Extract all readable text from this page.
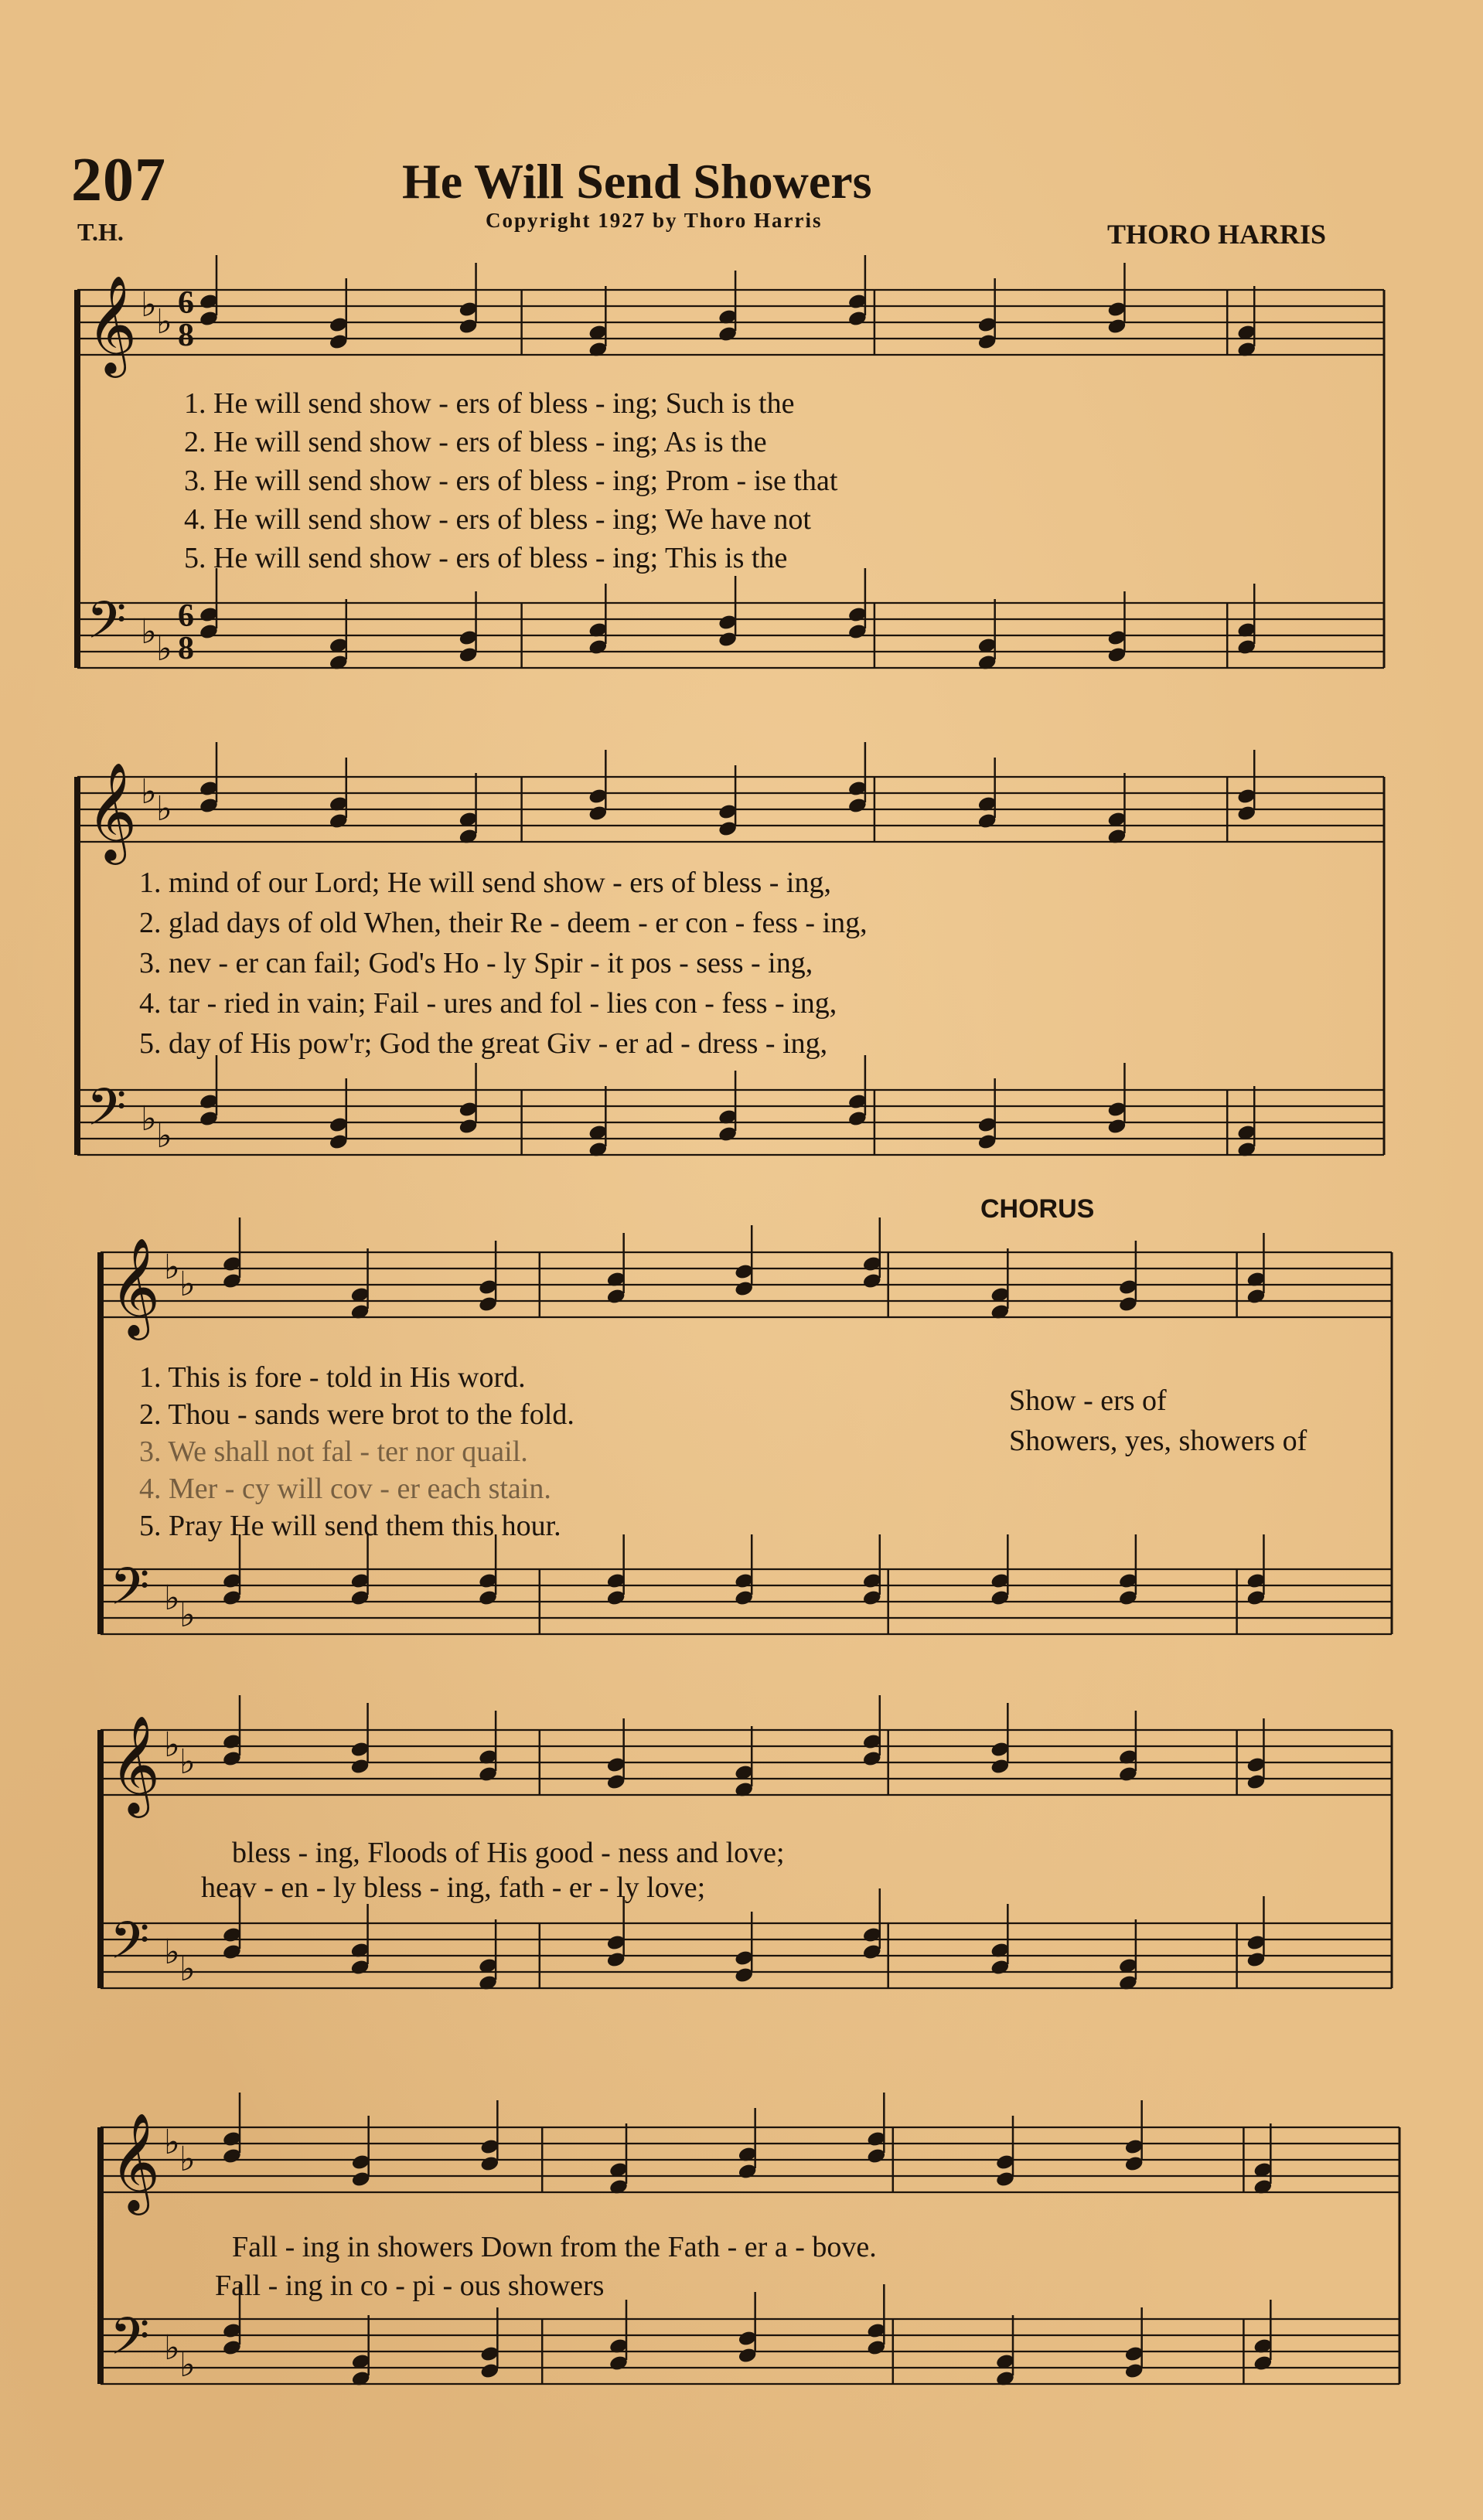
207	He Will Send Showers
T.H.	Copyright 1927 by Thoro Harris	THORO HARRIS
𝄞
𝄢
♭ ♭
♭ ♭
𝄞
𝄢
♭ ♭
♭ ♭
𝄞
𝄢
♭ ♭
♭ ♭
𝄞
𝄢
♭ ♭
♭ ♭
𝄞
𝄢
♭ ♭
♭ ♭
6
8
6
8
1. He will send show - ers of bless - ing; Such is the
2. He will send show - ers of bless - ing; As is the
3. He will send show - ers of bless - ing; Prom - ise that
4. He will send show - ers of bless - ing; We have not
5. He will send show - ers of bless - ing; This is the
1. mind of our Lord; He will send show - ers of bless - ing,
2. glad days of old When, their Re - deem - er con - fess - ing,
3. nev - er can fail; God's Ho - ly Spir - it pos - sess - ing,
4. tar - ried in vain; Fail - ures and fol - lies con - fess - ing,
5. day of His pow'r; God the great Giv - er ad - dress - ing,
CHORUS
1. This is fore - told in His word.
2. Thou - sands were brot to the fold.
3. We shall not fal - ter nor quail.
4. Mer - cy will cov - er each stain.
5. Pray He will send them this hour.
Show - ers of
Showers, yes, showers of
bless - ing, Floods of His good - ness and love;
heav - en - ly bless - ing, fath - er - ly love;
Fall - ing in showers Down from the Fath - er a - bove.
Fall - ing in co - pi - ous showers
